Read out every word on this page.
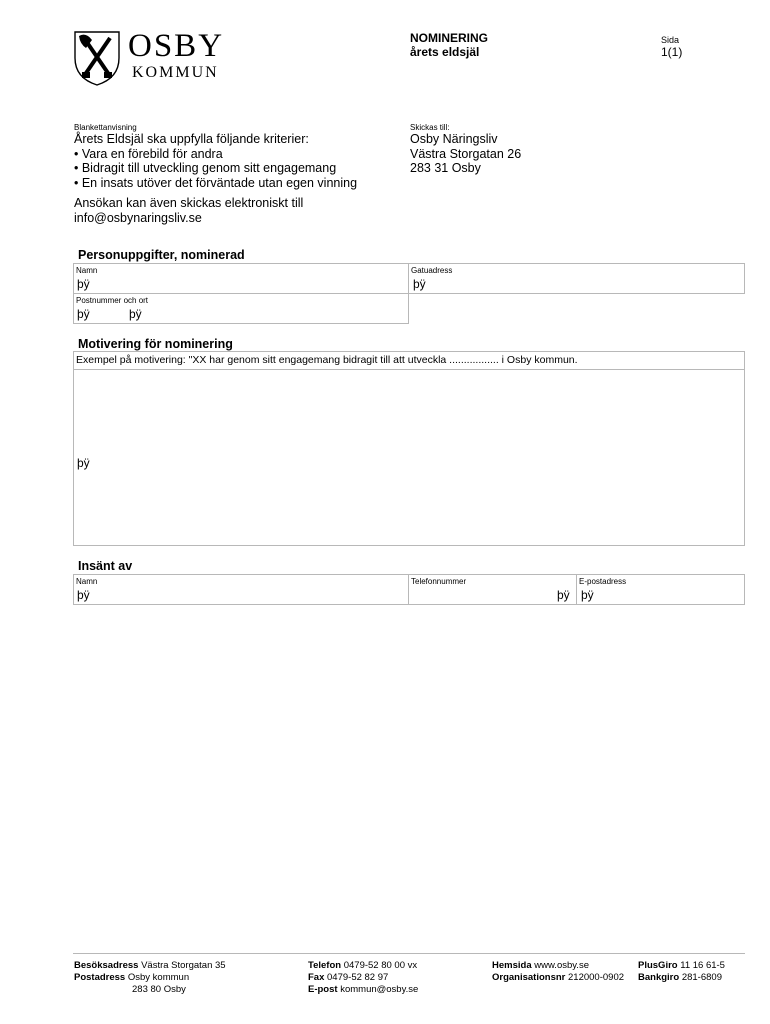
OSBY
KOMMUN
NOMINERING
årets eldsjäl
Sida
1(1)
Blankettanvisning
Årets Eldsjäl ska uppfylla följande kriterier:
• Vara en förebild för andra
• Bidragit till utveckling genom sitt engagemang
• En insats utöver det förväntade utan egen vinning
Ansökan kan även skickas elektroniskt till
info@osbynaringsliv.se
Skickas till:
Osby Näringsliv
Västra Storgatan 26
283 31 Osby
Personuppgifter, nominerad
Namn
þÿ
Gatuadress
þÿ
Postnummer och ort
þÿ	þÿ
Motivering för nominering
Exempel på motivering: "XX har genom sitt engagemang bidragit till att utveckla ................. i Osby kommun.
þÿ
Insänt av
Namn
þÿ
Telefonnummer
þÿ
E-postadress
þÿ
Besöksadress Västra Storgatan 35
Postadress Osby kommun
283 80 Osby
Telefon 0479-52 80 00 vx
Fax 0479-52 82 97
E-post kommun@osby.se
Hemsida www.osby.se
Organisationsnr 212000-0902
PlusGiro 11 16 61-5
Bankgiro 281-6809
